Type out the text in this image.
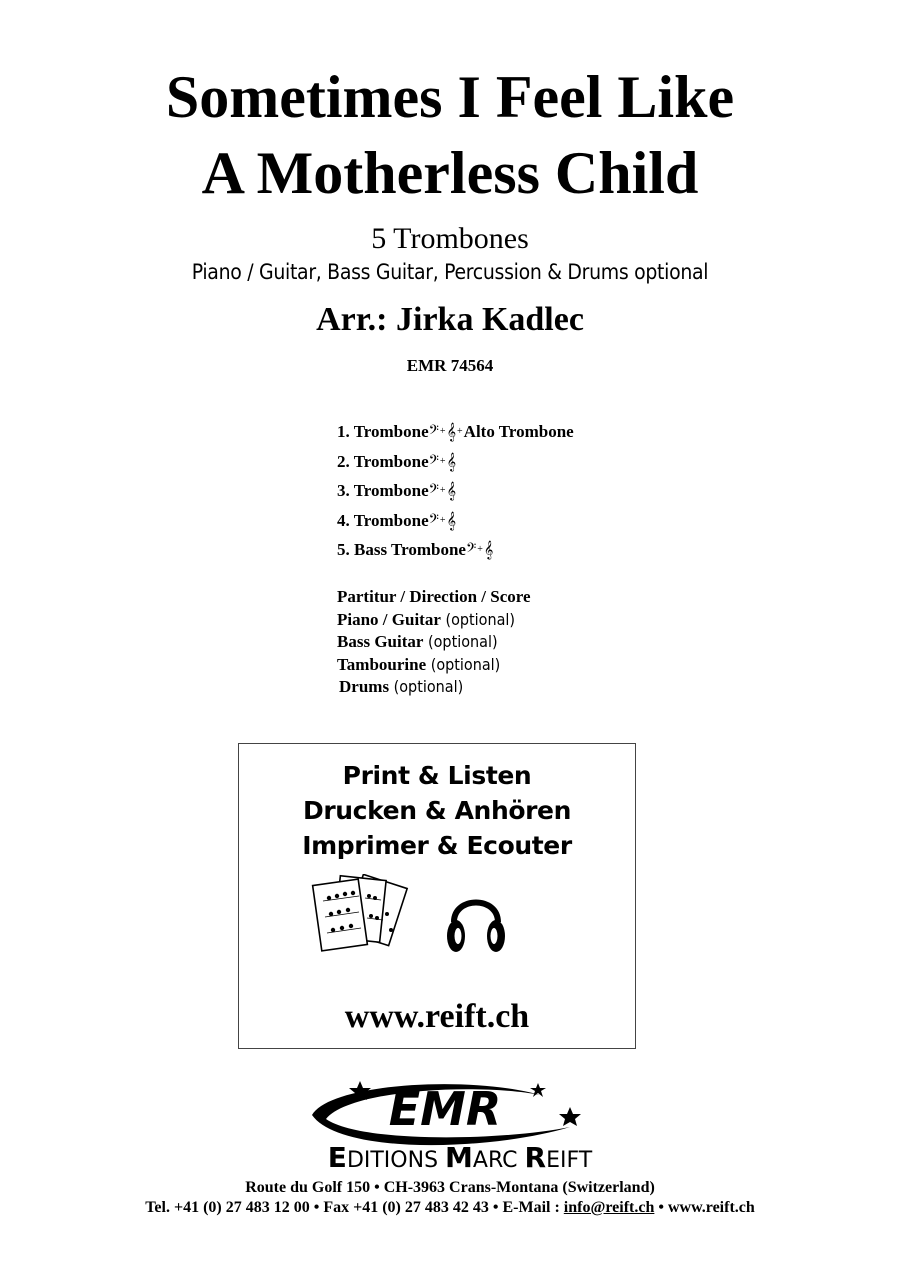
Sometimes I Feel Like
A Motherless Child
5 Trombones
Piano / Guitar, Bass Guitar, Percussion & Drums optional
Arr.: Jirka Kadlec
EMR 74564
1. Trombone𝄢+𝄞+Alto Trombone
2. Trombone𝄢+𝄞
3. Trombone𝄢+𝄞
4. Trombone𝄢+𝄞
5. Bass Trombone𝄢+𝄞
Partitur / Direction / Score
Piano / Guitar (optional)
Bass Guitar (optional)
Tambourine (optional)
Drums (optional)
Print & Listen
Drucken & Anhören
Imprimer & Ecouter
www.reift.ch
EMR
EDITIONS MARC REIFT
Route du Golf 150 • CH-3963 Crans-Montana (Switzerland)
Tel. +41 (0) 27 483 12 00 • Fax +41 (0) 27 483 42 43 • E-Mail : info@reift.ch • www.reift.ch
